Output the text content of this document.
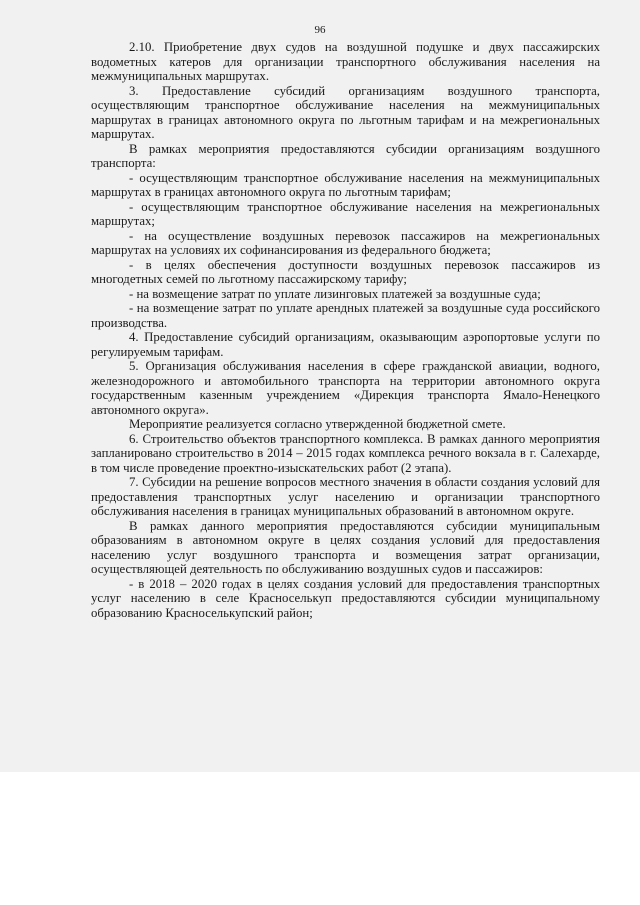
96

2.10. Приобретение двух судов на воздушной подушке и двух пассажирских водометных катеров для организации транспортного обслуживания населения на межмуниципальных маршрутах.

3. Предоставление субсидий организациям воздушного транспорта, осуществляющим транспортное обслуживание населения на межмуниципальных маршрутах в границах автономного округа по льготным тарифам и на межрегиональных маршрутах.

В рамках мероприятия предоставляются субсидии организациям воздушного транспорта:

- осуществляющим транспортное обслуживание населения на межмуниципальных маршрутах в границах автономного округа по льготным тарифам;

- осуществляющим транспортное обслуживание населения на межрегиональных маршрутах;

- на осуществление воздушных перевозок пассажиров на межрегиональных маршрутах на условиях их софинансирования из федерального бюджета;

- в целях обеспечения доступности воздушных перевозок пассажиров из многодетных семей по льготному пассажирскому тарифу;

- на возмещение затрат по уплате лизинговых платежей за воздушные суда;

- на возмещение затрат по уплате арендных платежей за воздушные суда российского производства.

4. Предоставление субсидий организациям, оказывающим аэропортовые услуги по регулируемым тарифам.

5. Организация обслуживания населения в сфере гражданской авиации, водного, железнодорожного и автомобильного транспорта на территории автономного округа государственным казенным учреждением «Дирекция транспорта Ямало-Ненецкого автономного округа».

Мероприятие реализуется согласно утвержденной бюджетной смете.

6. Строительство объектов транспортного комплекса. В рамках данного мероприятия запланировано строительство в 2014 – 2015 годах комплекса речного вокзала в г. Салехарде, в том числе проведение проектно-изыскательских работ (2 этапа).

7. Субсидии на решение вопросов местного значения в области создания условий для предоставления транспортных услуг населению и организации транспортного обслуживания населения в границах муниципальных образований в автономном округе.

В рамках данного мероприятия предоставляются субсидии муниципальным образованиям в автономном округе в целях создания условий для предоставления населению услуг воздушного транспорта и возмещения затрат организации, осуществляющей деятельность по обслуживанию воздушных судов и пассажиров:

- в 2018 – 2020 годах в целях создания условий для предоставления транспортных услуг населению в селе Красноселькуп предоставляются субсидии муниципальному образованию Красноселькупский район;
